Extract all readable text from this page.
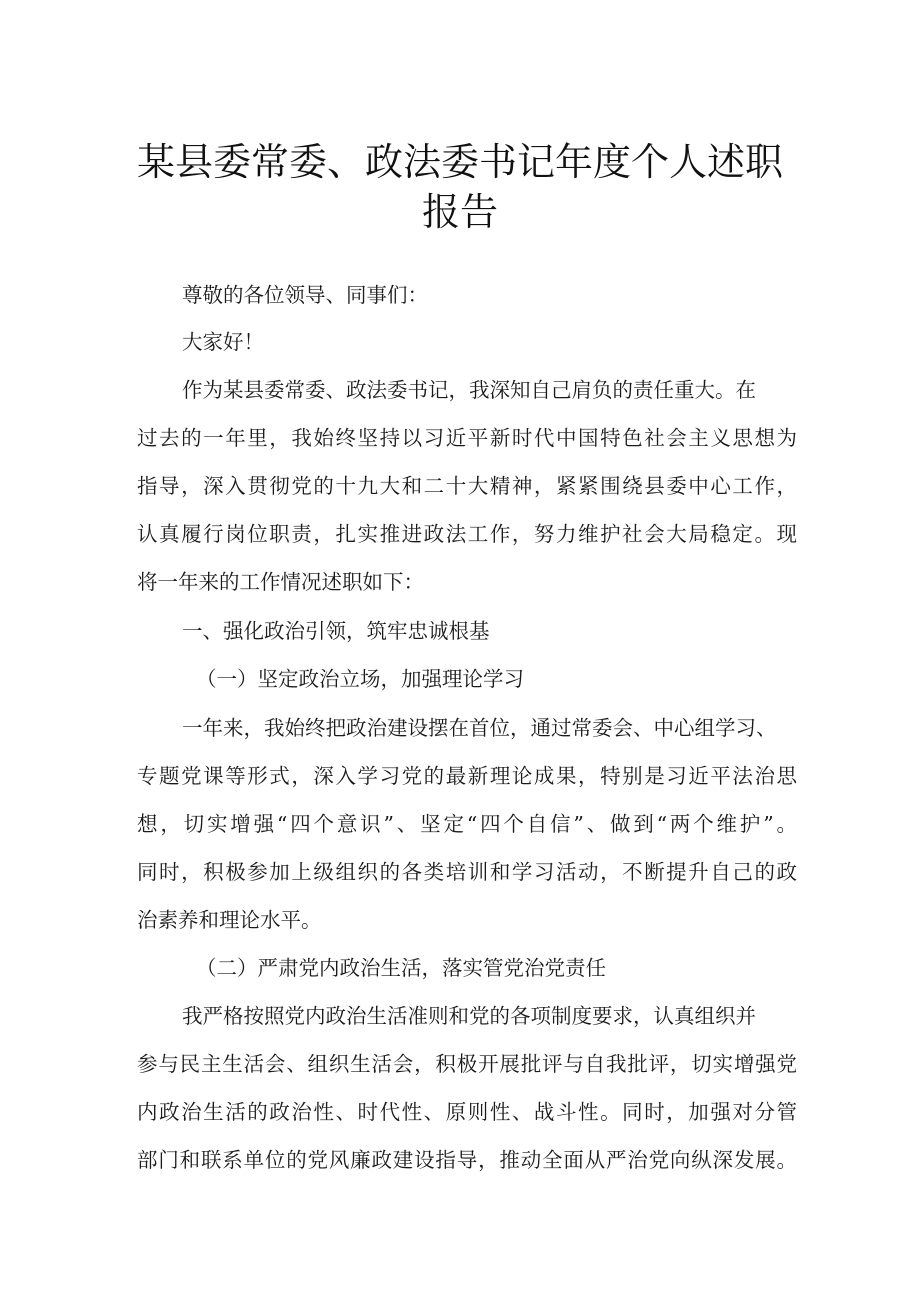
某县委常委、政法委书记年度个人述职
报告

尊敬的各位领导、同事们：

大家好！

作为某县委常委、政法委书记，我深知自己肩负的责任重大。在

过去的一年里，我始终坚持以习近平新时代中国特色社会主义思想为

指导，深入贯彻党的十九大和二十大精神，紧紧围绕县委中心工作，

认真履行岗位职责，扎实推进政法工作，努力维护社会大局稳定。现

将一年来的工作情况述职如下：

一、强化政治引领，筑牢忠诚根基

（一）坚定政治立场，加强理论学习

一年来，我始终把政治建设摆在首位，通过常委会、中心组学习、

专题党课等形式，深入学习党的最新理论成果，特别是习近平法治思

想，切实增强“四个意识”、坚定“四个自信”、做到“两个维护”。

同时，积极参加上级组织的各类培训和学习活动，不断提升自己的政

治素养和理论水平。

（二）严肃党内政治生活，落实管党治党责任

我严格按照党内政治生活准则和党的各项制度要求，认真组织并

参与民主生活会、组织生活会，积极开展批评与自我批评，切实增强党

内政治生活的政治性、时代性、原则性、战斗性。同时，加强对分管

部门和联系单位的党风廉政建设指导，推动全面从严治党向纵深发展。
